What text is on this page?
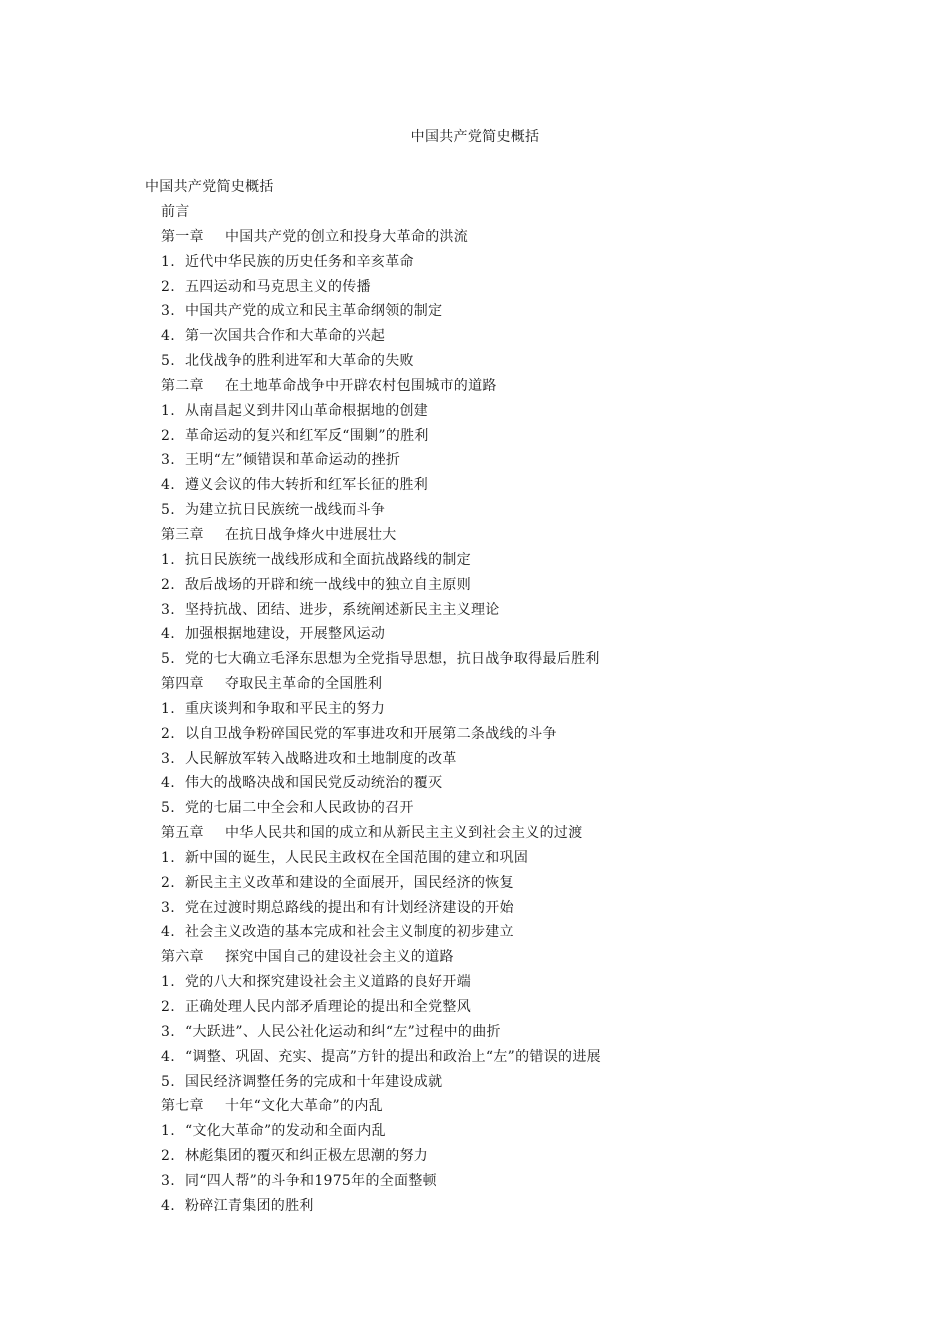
中国共产党简史概括
中国共产党简史概括
前言
第一章 中国共产党的创立和投身大革命的洪流
1. 近代中华民族的历史任务和辛亥革命
2. 五四运动和马克思主义的传播
3. 中国共产党的成立和民主革命纲领的制定
4. 第一次国共合作和大革命的兴起
5. 北伐战争的胜利进军和大革命的失败
第二章 在土地革命战争中开辟农村包围城市的道路
1. 从南昌起义到井冈山革命根据地的创建
2. 革命运动的复兴和红军反“围剿”的胜利
3. 王明“左”倾错误和革命运动的挫折
4. 遵义会议的伟大转折和红军长征的胜利
5. 为建立抗日民族统一战线而斗争
第三章 在抗日战争烽火中进展壮大
1. 抗日民族统一战线形成和全面抗战路线的制定
2. 敌后战场的开辟和统一战线中的独立自主原则
3. 坚持抗战、团结、进步，系统阐述新民主主义理论
4. 加强根据地建设，开展整风运动
5. 党的七大确立毛泽东思想为全党指导思想，抗日战争取得最后胜利
第四章 夺取民主革命的全国胜利
1. 重庆谈判和争取和平民主的努力
2. 以自卫战争粉碎国民党的军事进攻和开展第二条战线的斗争
3. 人民解放军转入战略进攻和土地制度的改革
4. 伟大的战略决战和国民党反动统治的覆灭
5. 党的七届二中全会和人民政协的召开
第五章 中华人民共和国的成立和从新民主主义到社会主义的过渡
1. 新中国的诞生，人民民主政权在全国范围的建立和巩固
2. 新民主主义改革和建设的全面展开，国民经济的恢复
3. 党在过渡时期总路线的提出和有计划经济建设的开始
4. 社会主义改造的基本完成和社会主义制度的初步建立
第六章 探究中国自己的建设社会主义的道路
1. 党的八大和探究建设社会主义道路的良好开端
2. 正确处理人民内部矛盾理论的提出和全党整风
3. “大跃进”、人民公社化运动和纠“左”过程中的曲折
4. “调整、巩固、充实、提高”方针的提出和政治上“左”的错误的进展
5. 国民经济调整任务的完成和十年建设成就
第七章 十年“文化大革命”的内乱
1. “文化大革命”的发动和全面内乱
2. 林彪集团的覆灭和纠正极左思潮的努力
3. 同“四人帮”的斗争和1975年的全面整顿
4. 粉碎江青集团的胜利
